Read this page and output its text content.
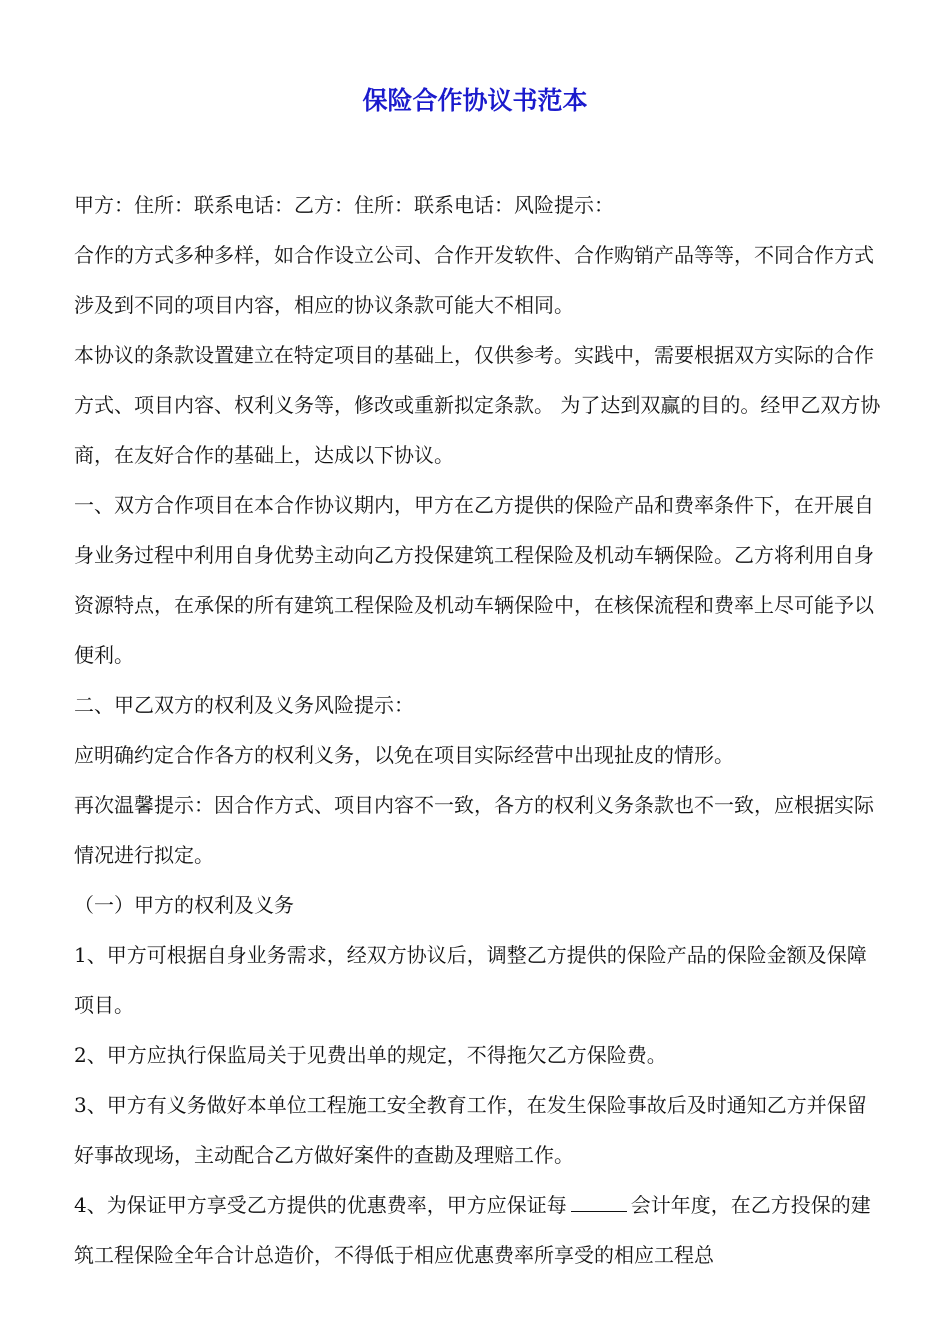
保险合作协议书范本

甲方：住所：联系电话：乙方：住所：联系电话：风险提示：

合作的方式多种多样，如合作设立公司、合作开发软件、合作购销产品等等，不同合作方式涉及到不同的项目内容，相应的协议条款可能大不相同。

本协议的条款设置建立在特定项目的基础上，仅供参考。实践中，需要根据双方实际的合作方式、项目内容、权利义务等，修改或重新拟定条款。 为了达到双赢的目的。经甲乙双方协商，在友好合作的基础上，达成以下协议。

一、双方合作项目在本合作协议期内，甲方在乙方提供的保险产品和费率条件下，在开展自身业务过程中利用自身优势主动向乙方投保建筑工程保险及机动车辆保险。乙方将利用自身资源特点，在承保的所有建筑工程保险及机动车辆保险中，在核保流程和费率上尽可能予以便利。

二、甲乙双方的权利及义务风险提示：

应明确约定合作各方的权利义务，以免在项目实际经营中出现扯皮的情形。

再次温馨提示：因合作方式、项目内容不一致，各方的权利义务条款也不一致，应根据实际情况进行拟定。

（一）甲方的权利及义务

1、甲方可根据自身业务需求，经双方协议后，调整乙方提供的保险产品的保险金额及保障项目。

2、甲方应执行保监局关于见费出单的规定，不得拖欠乙方保险费。

3、甲方有义务做好本单位工程施工安全教育工作，在发生保险事故后及时通知乙方并保留好事故现场，主动配合乙方做好案件的查勘及理赔工作。

4、为保证甲方享受乙方提供的优惠费率，甲方应保证每	会计年度，在乙方投保的建筑工程保险全年合计总造价，不得低于相应优惠费率所享受的相应工程总
